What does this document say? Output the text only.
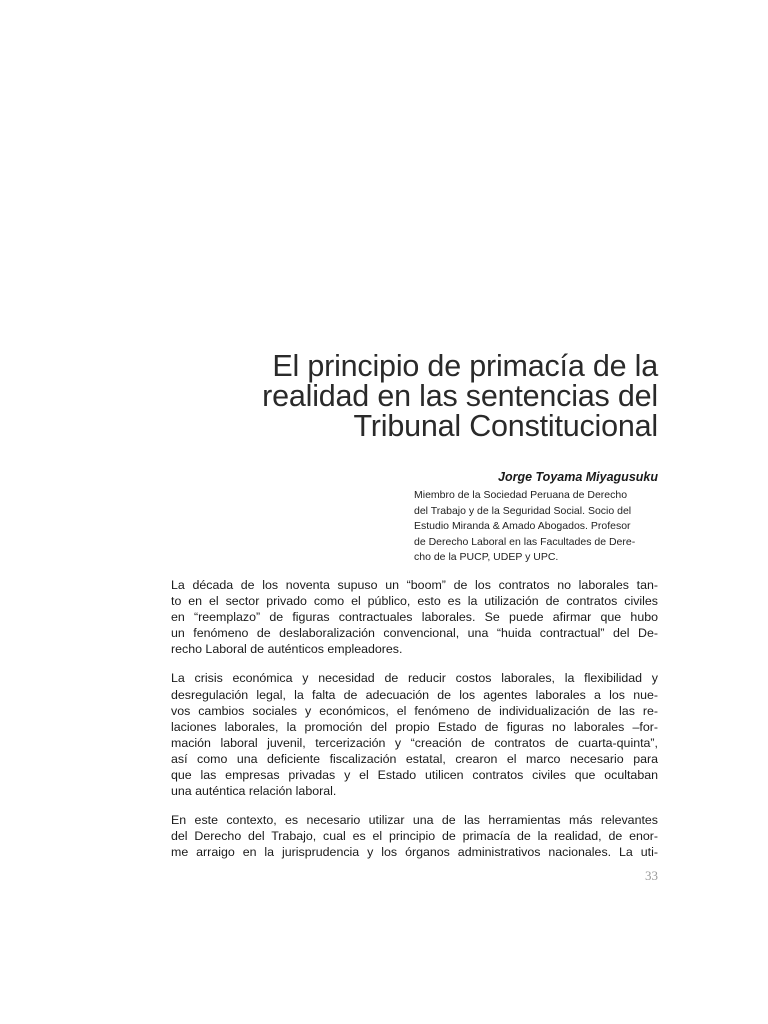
El principio de primacía de la
realidad en las sentencias del
Tribunal Constitucional
Jorge Toyama Miyagusuku
Miembro de la Sociedad Peruana de Derecho
del Trabajo y de la Seguridad Social. Socio del
Estudio Miranda & Amado Abogados. Profesor
de Derecho Laboral en las Facultades de Dere-
cho de la PUCP, UDEP y UPC.
La década de los noventa supuso un “boom” de los contratos no laborales tan-
to en el sector privado como el público, esto es la utilización de contratos civiles
en “reemplazo” de figuras contractuales laborales. Se puede afirmar que hubo
un fenómeno de deslaboralización convencional, una “huida contractual” del De-
recho Laboral de auténticos empleadores.
La crisis económica y necesidad de reducir costos laborales, la flexibilidad y
desregulación legal, la falta de adecuación de los agentes laborales a los nue-
vos cambios sociales y económicos, el fenómeno de individualización de las re-
laciones laborales, la promoción del propio Estado de figuras no laborales –for-
mación laboral juvenil, tercerización y “creación de contratos de cuarta-quinta”,
así como una deficiente fiscalización estatal, crearon el marco necesario para
que las empresas privadas y el Estado utilicen contratos civiles que ocultaban
una auténtica relación laboral.
En este contexto, es necesario utilizar una de las herramientas más relevantes
del Derecho del Trabajo, cual es el principio de primacía de la realidad, de enor-
me arraigo en la jurisprudencia y los órganos administrativos nacionales. La uti-
33
